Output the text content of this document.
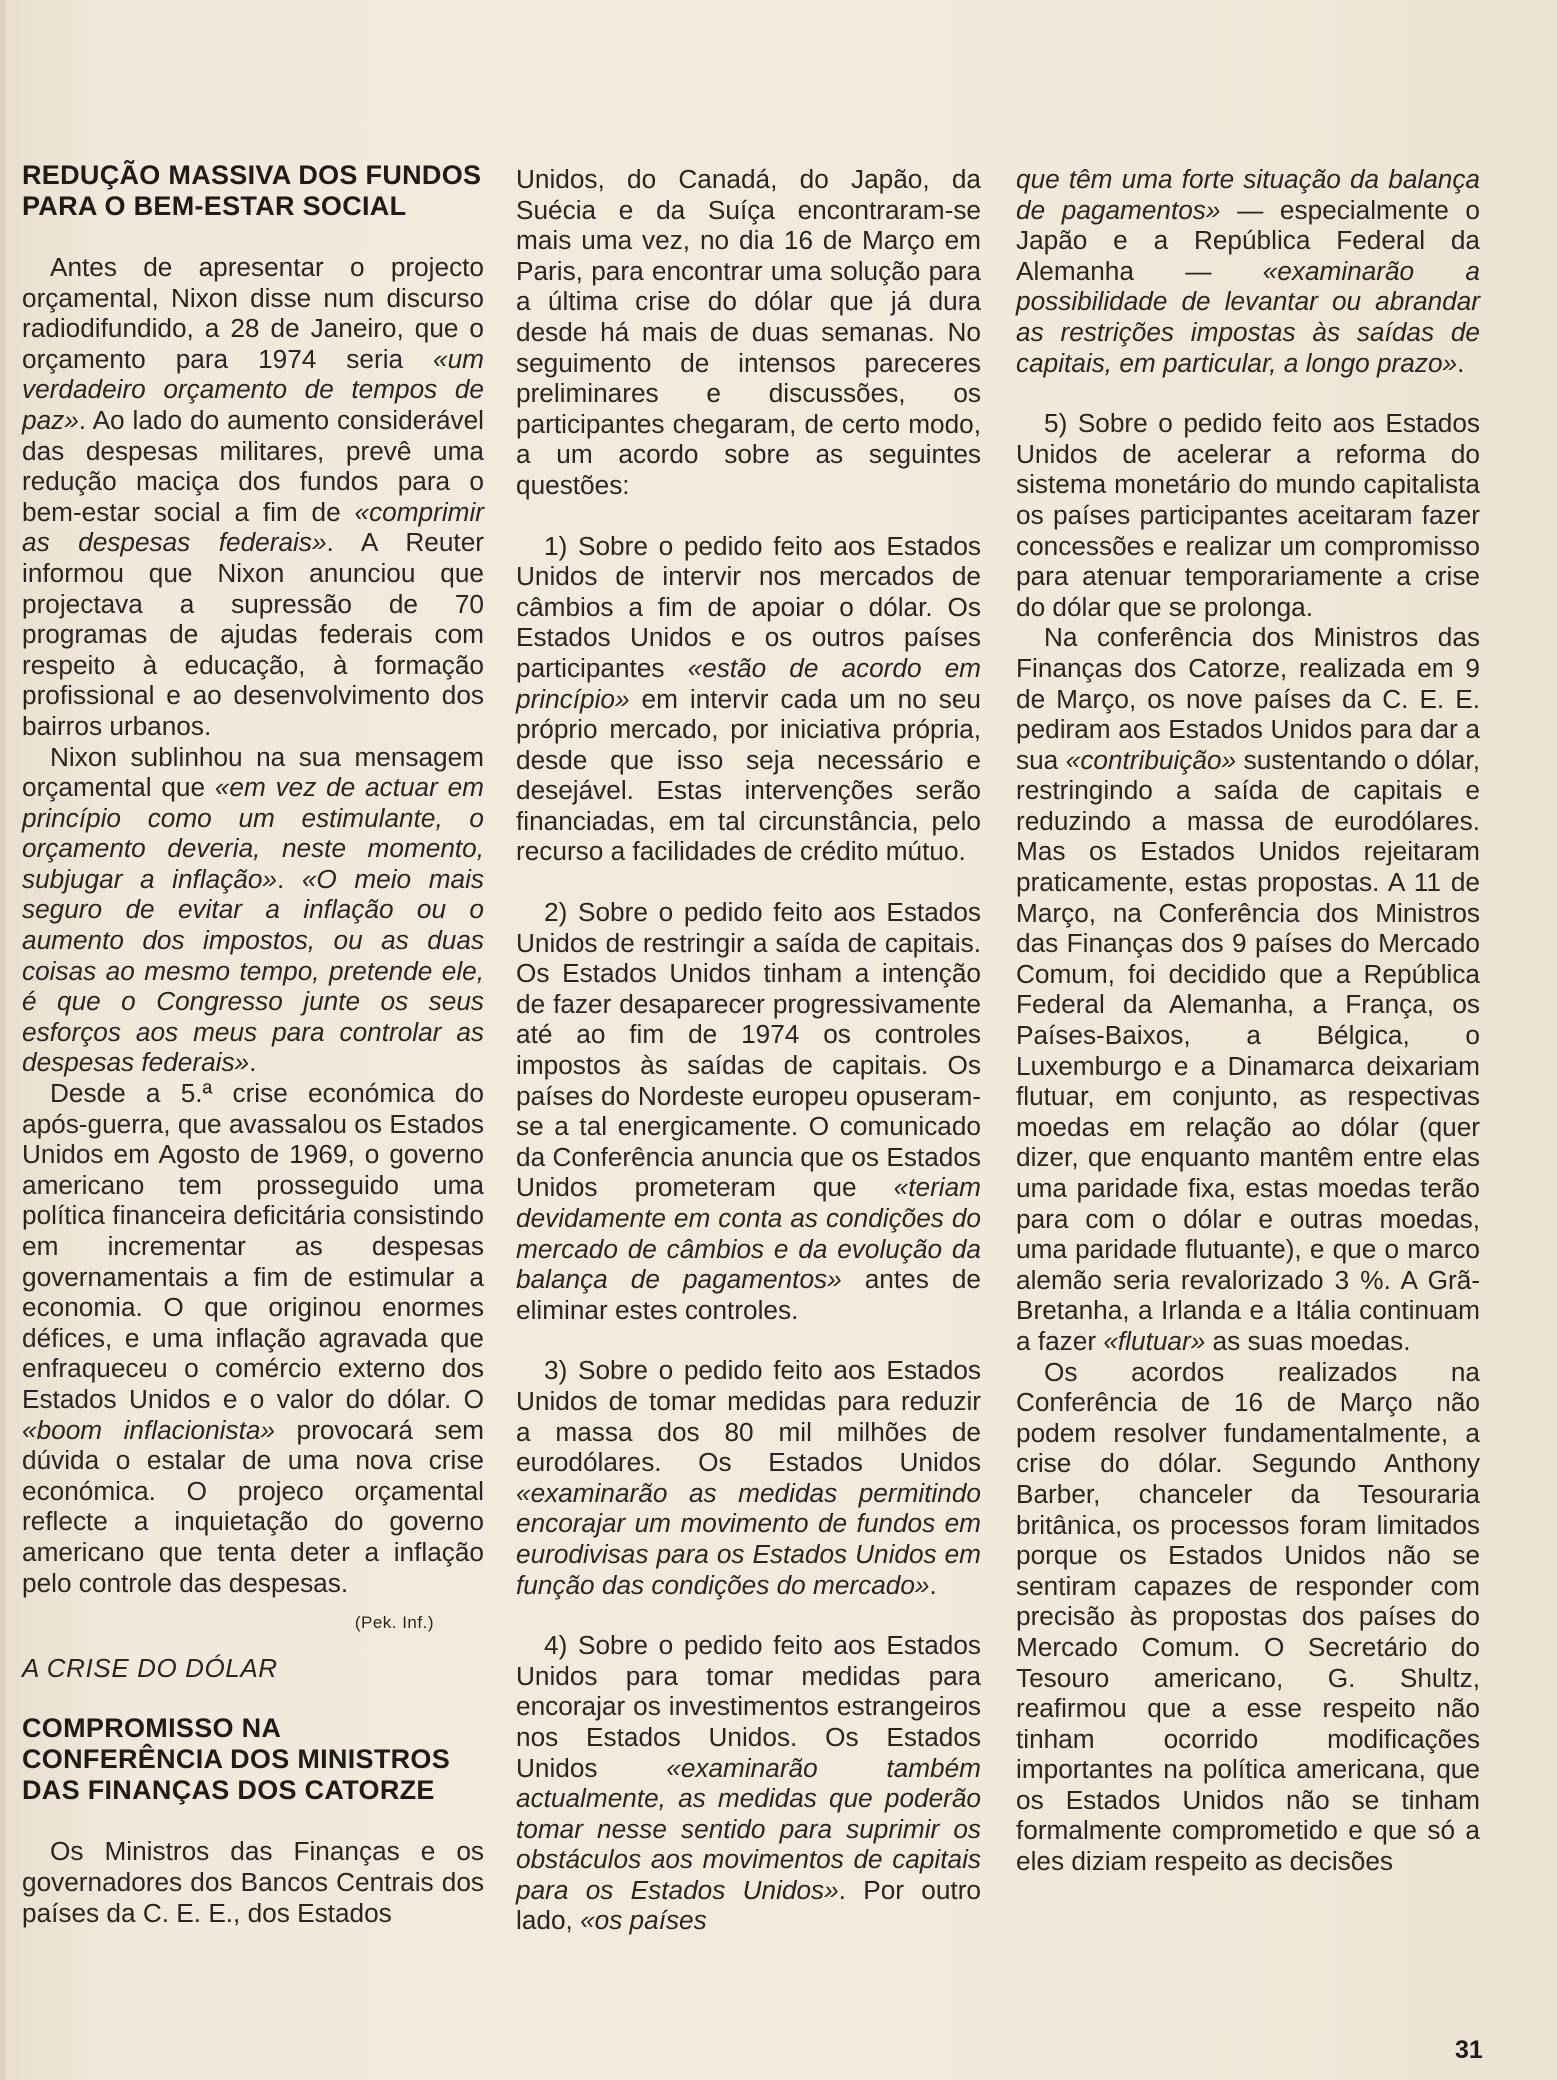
REDUÇÃO MASSIVA DOS FUNDOS PARA O BEM-ESTAR SOCIAL

Antes de apresentar o projecto orçamental, Nixon disse num discurso radiodifundido, a 28 de Janeiro, que o orçamento para 1974 seria «um verdadeiro orçamento de tempos de paz». Ao lado do aumento considerável das despesas militares, prevê uma redução maciça dos fundos para o bem-estar social a fim de «comprimir as despesas federais». A Reuter informou que Nixon anunciou que projectava a supressão de 70 programas de ajudas federais com respeito à educação, à formação profissional e ao desenvolvimento dos bairros urbanos.

Nixon sublinhou na sua mensagem orçamental que «em vez de actuar em princípio como um estimulante, o orçamento deveria, neste momento, subjugar a inflação». «O meio mais seguro de evitar a inflação ou o aumento dos impostos, ou as duas coisas ao mesmo tempo, pretende ele, é que o Congresso junte os seus esforços aos meus para controlar as despesas federais».

Desde a 5.ª crise económica do após-guerra, que avassalou os Estados Unidos em Agosto de 1969, o governo americano tem prosseguido uma política financeira deficitária consistindo em incrementar as despesas governamentais a fim de estimular a economia. O que originou enormes défices, e uma inflação agravada que enfraqueceu o comércio externo dos Estados Unidos e o valor do dólar. O «boom inflacionista» provocará sem dúvida o estalar de uma nova crise económica. O projeco orçamental reflecte a inquietação do governo americano que tenta deter a inflação pelo controle das despesas.

(Pek. Inf.)
A CRISE DO DÓLAR
COMPROMISSO NA CONFERÊNCIA DOS MINISTROS DAS FINANÇAS DOS CATORZE

Os Ministros das Finanças e os governadores dos Bancos Centrais dos países da C. E. E., dos Estados

Unidos, do Canadá, do Japão, da Suécia e da Suíça encontraram-se mais uma vez, no dia 16 de Março em Paris, para encontrar uma solução para a última crise do dólar que já dura desde há mais de duas semanas. No seguimento de intensos pareceres preliminares e discussões, os participantes chegaram, de certo modo, a um acordo sobre as seguintes questões:

1) Sobre o pedido feito aos Estados Unidos de intervir nos mercados de câmbios a fim de apoiar o dólar. Os Estados Unidos e os outros países participantes «estão de acordo em princípio» em intervir cada um no seu próprio mercado, por iniciativa própria, desde que isso seja necessário e desejável. Estas intervenções serão financiadas, em tal circunstância, pelo recurso a facilidades de crédito mútuo.

2) Sobre o pedido feito aos Estados Unidos de restringir a saída de capitais. Os Estados Unidos tinham a intenção de fazer desaparecer progressivamente até ao fim de 1974 os controles impostos às saídas de capitais. Os países do Nordeste europeu opuseram-se a tal energicamente. O comunicado da Conferência anuncia que os Estados Unidos prometeram que «teriam devidamente em conta as condições do mercado de câmbios e da evolução da balança de pagamentos» antes de eliminar estes controles.

3) Sobre o pedido feito aos Estados Unidos de tomar medidas para reduzir a massa dos 80 mil milhões de eurodólares. Os Estados Unidos «examinarão as medidas permitindo encorajar um movimento de fundos em eurodivisas para os Estados Unidos em função das condições do mercado».

4) Sobre o pedido feito aos Estados Unidos para tomar medidas para encorajar os investimentos estrangeiros nos Estados Unidos. Os Estados Unidos «examinarão também actualmente, as medidas que poderão tomar nesse sentido para suprimir os obstáculos aos movimentos de capitais para os Estados Unidos». Por outro lado, «os países

que têm uma forte situação da balança de pagamentos» — especialmente o Japão e a República Federal da Alemanha — «examinarão a possibilidade de levantar ou abrandar as restrições impostas às saídas de capitais, em particular, a longo prazo».

5) Sobre o pedido feito aos Estados Unidos de acelerar a reforma do sistema monetário do mundo capitalista os países participantes aceitaram fazer concessões e realizar um compromisso para atenuar temporariamente a crise do dólar que se prolonga.

Na conferência dos Ministros das Finanças dos Catorze, realizada em 9 de Março, os nove países da C. E. E. pediram aos Estados Unidos para dar a sua «contribuição» sustentando o dólar, restringindo a saída de capitais e reduzindo a massa de eurodólares. Mas os Estados Unidos rejeitaram praticamente, estas propostas. A 11 de Março, na Conferência dos Ministros das Finanças dos 9 países do Mercado Comum, foi decidido que a República Federal da Alemanha, a França, os Países-Baixos, a Bélgica, o Luxemburgo e a Dinamarca deixariam flutuar, em conjunto, as respectivas moedas em relação ao dólar (quer dizer, que enquanto mantêm entre elas uma paridade fixa, estas moedas terão para com o dólar e outras moedas, uma paridade flutuante), e que o marco alemão seria revalorizado 3 %. A Grã-Bretanha, a Irlanda e a Itália continuam a fazer «flutuar» as suas moedas.

Os acordos realizados na Conferência de 16 de Março não podem resolver fundamentalmente, a crise do dólar. Segundo Anthony Barber, chanceler da Tesouraria britânica, os processos foram limitados porque os Estados Unidos não se sentiram capazes de responder com precisão às propostas dos países do Mercado Comum. O Secretário do Tesouro americano, G. Shultz, reafirmou que a esse respeito não tinham ocorrido modificações importantes na política americana, que os Estados Unidos não se tinham formalmente comprometido e que só a eles diziam respeito as decisões

31
